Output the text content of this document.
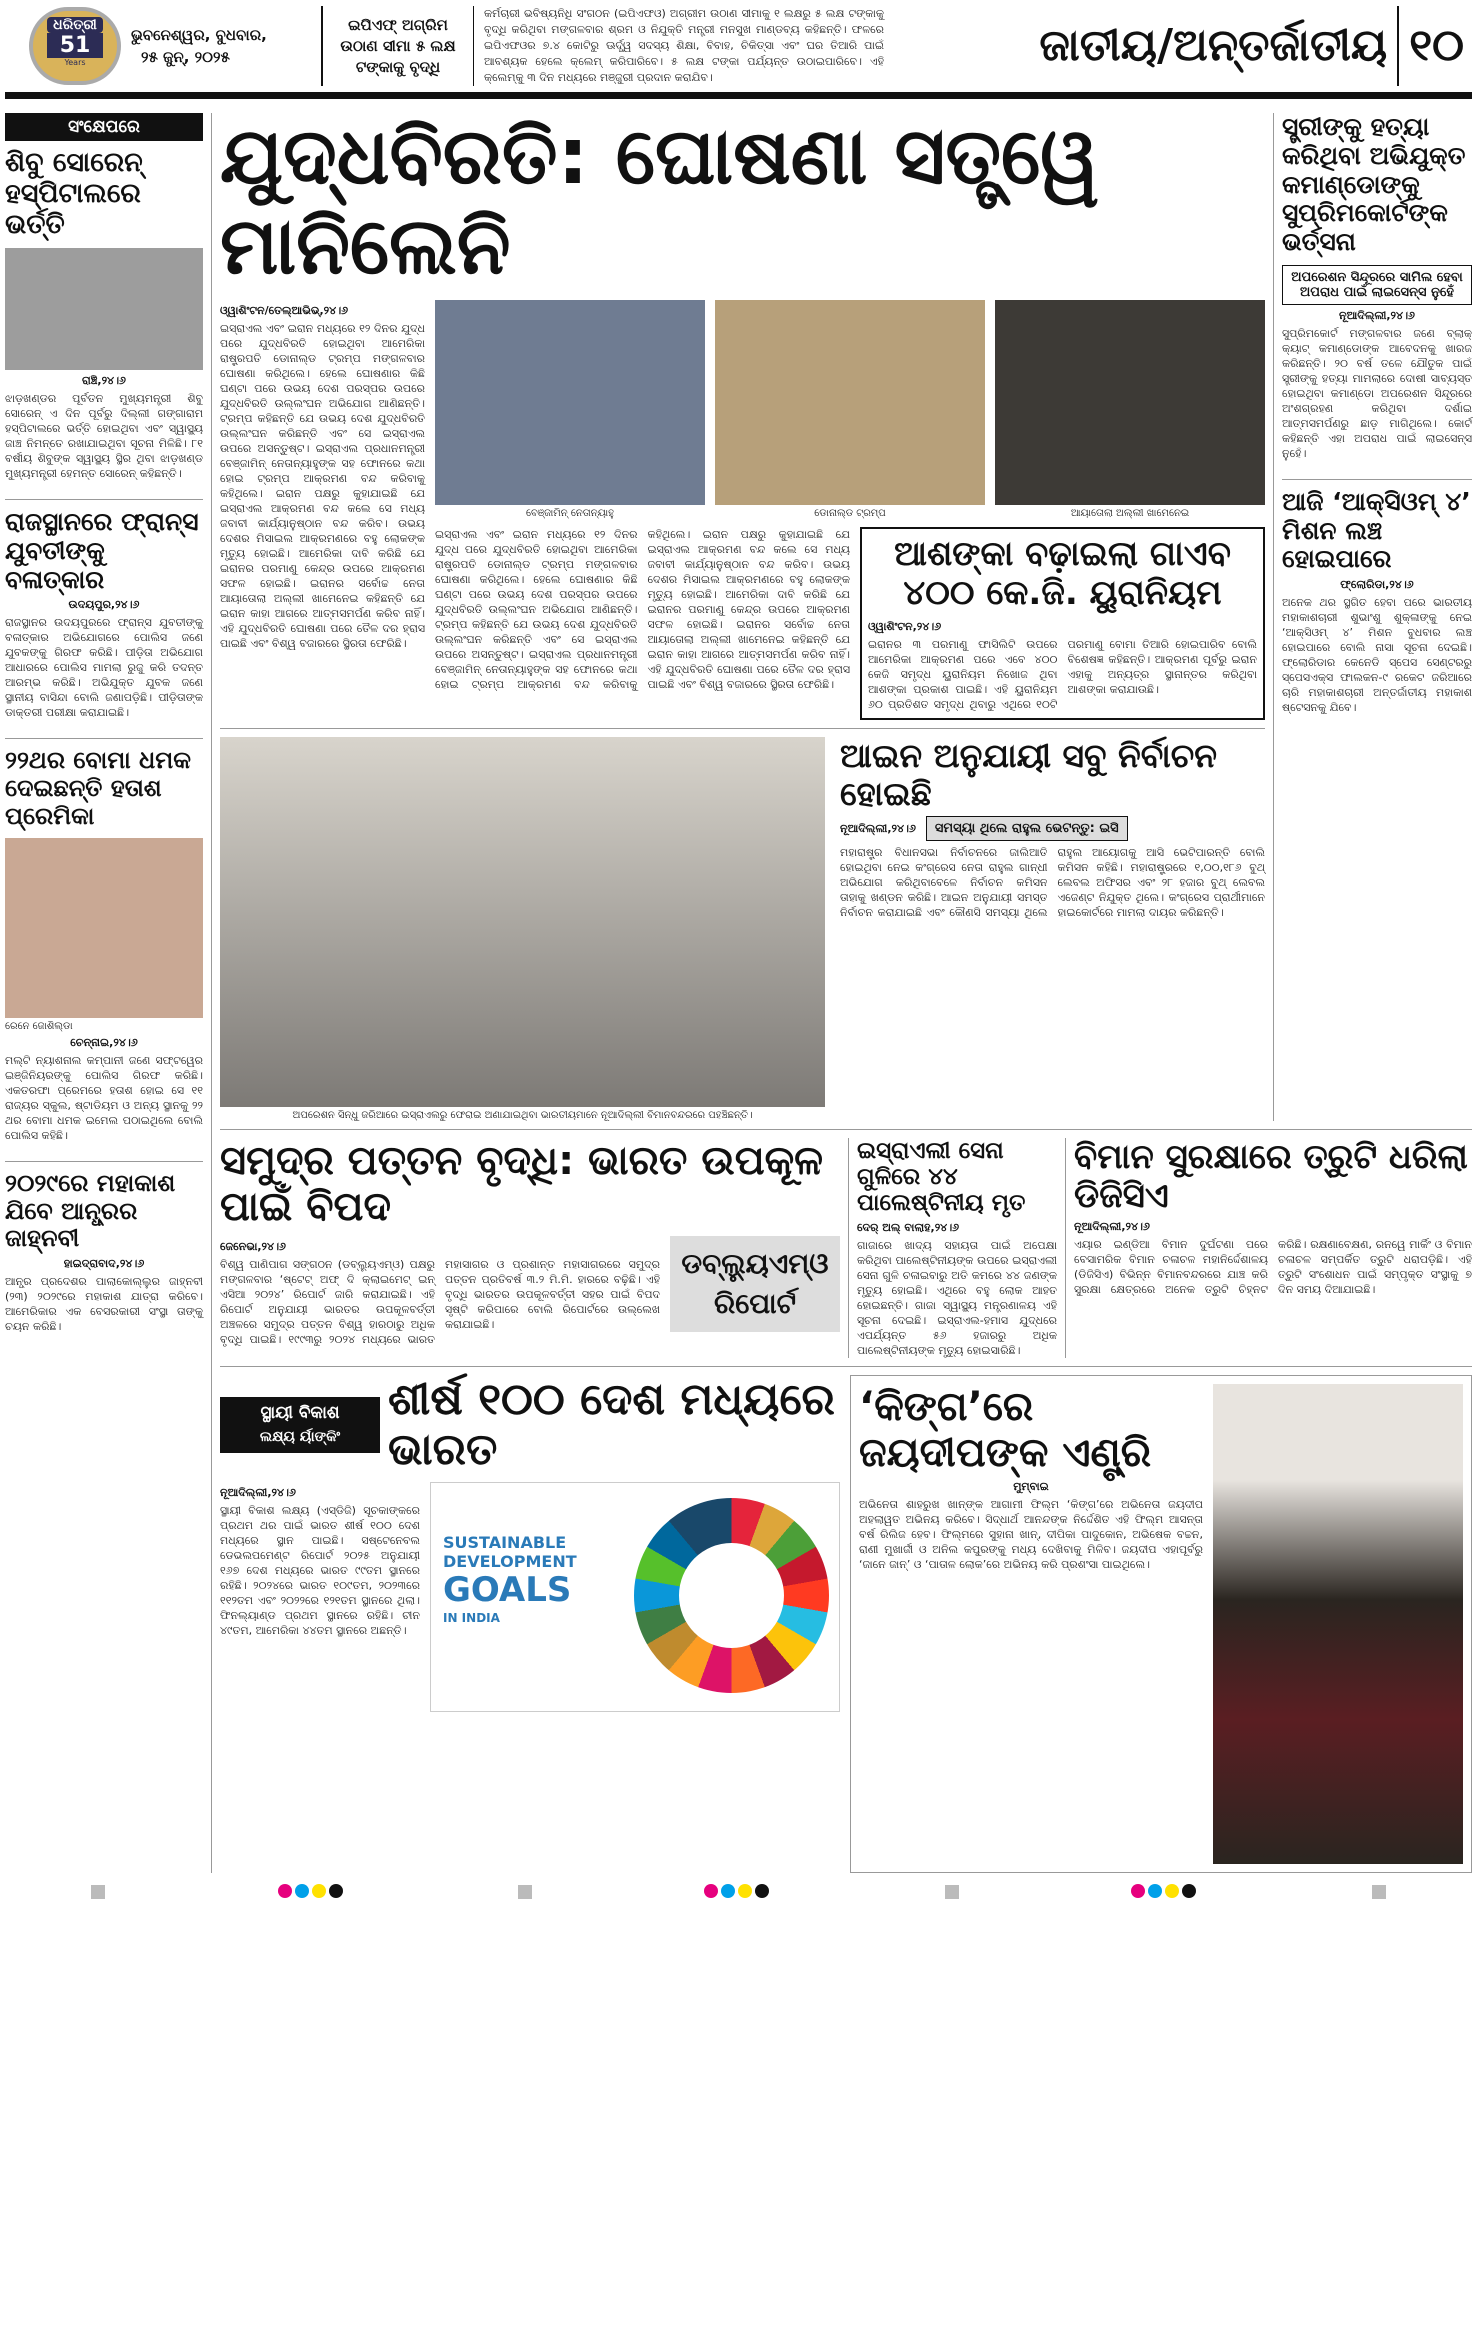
ଧରିତ୍ରୀ
51
Years
ଭୁବନେଶ୍ୱର, ବୁଧବାର,
୨୫ ଜୁନ୍, ୨୦୨୫
ଇପିଏଫ୍ ଅଗ୍ରିମ ଉଠାଣ ସୀମା ୫ ଲକ୍ଷ ଟଙ୍କାକୁ ବୃଦ୍ଧି
କର୍ମଚାରୀ ଭବିଷ୍ୟନିଧି ସଂଗଠନ (ଇପିଏଫଓ) ଅଗ୍ରୀମ ଉଠାଣ ସୀମାକୁ ୧ ଲକ୍ଷରୁ ୫ ଲକ୍ଷ ଟଙ୍କାକୁ ବୃଦ୍ଧି କରିଥିବା ମଙ୍ଗଳବାର ଶ୍ରମ ଓ ନିଯୁକ୍ତି ମନ୍ତ୍ରୀ ମନସୁଖ ମାଣ୍ଡବ୍ୟ କହିଛନ୍ତି। ଫଳରେ ଇପିଏଫଓର ୭.୪ କୋଟିରୁ ଊର୍ଦ୍ଧ୍ୱ ସଦସ୍ୟ ଶିକ୍ଷା, ବିବାହ, ଚିକିତ୍ସା ଏବଂ ଘର ତିଆରି ପାଇଁ ଆବଶ୍ୟକ ହେଲେ କ୍ଲେମ୍ କରିପାରିବେ। ୫ ଲକ୍ଷ ଟଙ୍କା ପର୍ଯ୍ୟନ୍ତ ଉଠାଇପାରିବେ। ଏହି କ୍ଲେମ୍‌କୁ ୩ ଦିନ ମଧ୍ୟରେ ମଞ୍ଜୁରୀ ପ୍ରଦାନ କରାଯିବ।
ଜାତୀୟ/ଅନ୍ତର୍ଜାତୀୟ ୧୦
ସଂକ୍ଷେପରେ
ଶିବୁ ସୋରେନ୍ ହସ୍ପିଟାଲରେ ଭର୍ତ୍ତି
ରାଞ୍ଚି,୨୪।୬
ଝାଡ଼ଖଣ୍ଡର ପୂର୍ବତନ ମୁଖ୍ୟମନ୍ତ୍ରୀ ଶିବୁ ସୋରେନ୍ ଏ ଦିନ ପୂର୍ବରୁ ଦିଲ୍ଲୀ ଗଙ୍ଗାରାମ ହସ୍ପିଟାଲରେ ଭର୍ତ୍ତି ହୋଇଥିବା ଏବଂ ସ୍ୱାସ୍ଥ୍ୟ ଜାଞ୍ଚ ନିମନ୍ତେ ରଖାଯାଇଥିବା ସୂଚନା ମିଳିଛି। ୮୧ ବର୍ଷୀୟ ଶିବୁଙ୍କ ସ୍ୱାସ୍ଥ୍ୟ ସ୍ଥିର ଥିବା ଝାଡ଼ଖଣ୍ଡ ମୁଖ୍ୟମନ୍ତ୍ରୀ ହେମନ୍ତ ସୋରେନ୍ କହିଛନ୍ତି।
ରାଜସ୍ଥାନରେ ଫ୍ରାନ୍ସ ଯୁବତୀଙ୍କୁ ବଳାତ୍କାର
ଉଦୟପୁର,୨୪।୬
ରାଜସ୍ଥାନର ଉଦୟପୁରରେ ଫ୍ରାନ୍ସ ଯୁବତୀଙ୍କୁ ବଳାତ୍କାର ଅଭିଯୋଗରେ ପୋଲିସ ଜଣେ ଯୁବକଙ୍କୁ ଗିରଫ କରିଛି। ପୀଡ଼ିତା ଅଭିଯୋଗ ଆଧାରରେ ପୋଲିସ ମାମଲା ରୁଜୁ କରି ତଦନ୍ତ ଆରମ୍ଭ କରିଛି। ଅଭିଯୁକ୍ତ ଯୁବକ ଜଣେ ସ୍ଥାନୀୟ ବାସିନ୍ଦା ବୋଲି ଜଣାପଡ଼ିଛି। ପୀଡ଼ିତାଙ୍କ ଡାକ୍ତରୀ ପରୀକ୍ଷା କରାଯାଇଛି।
୨୨ଥର ବୋମା ଧମକ ଦେଇଛନ୍ତି ହତାଶ ପ୍ରେମିକା
ରେନେ ଜୋଶିଲ୍ଡା
ଚେନ୍ନାଇ,୨୪।୬
ମଲ୍ଟି ନ୍ୟାଶନାଲ କମ୍ପାନୀ ଜଣେ ସଫ୍ଟୱେର ଇଞ୍ଜିନିୟରଙ୍କୁ ପୋଲିସ ଗିରଫ କରିଛି। ଏକତରଫା ପ୍ରେମରେ ହତାଶ ହୋଇ ସେ ୧୧ ରାଜ୍ୟର ସ୍କୁଲ, ଷ୍ଟାଡିୟମ ଓ ଅନ୍ୟ ସ୍ଥାନକୁ ୨୨ ଥର ବୋମା ଧମକ ଇମେଲ ପଠାଇଥିଲେ ବୋଲି ପୋଲିସ କହିଛି।
୨୦୨୯ରେ ମହାକାଶ ଯିବେ ଆନ୍ଧ୍ରର ଜାହ୍ନବୀ
ହାଇଦ୍ରାବାଦ,୨୪।୬
ଆନ୍ଧ୍ର ପ୍ରଦେଶର ପାଲାକୋଲ୍ଲୁର ଜାହ୍ନବୀ (୨୩) ୨୦୨୯ରେ ମହାକାଶ ଯାତ୍ରା କରିବେ। ଆମେରିକାର ଏକ ବେସରକାରୀ ସଂସ୍ଥା ତାଙ୍କୁ ଚୟନ କରିଛି।
ଯୁଦ୍ଧବିରତି: ଘୋଷଣା ସତ୍ତ୍ୱେ ମାନିଲେନି
ଓ୍ୱାଶିଂଟନ/ତେଲ୍‌ଆଭିଭ୍,୨୪।୬
ଇସ୍ରାଏଲ ଏବଂ ଇରାନ ମଧ୍ୟରେ ୧୨ ଦିନର ଯୁଦ୍ଧ ପରେ ଯୁଦ୍ଧବିରତି ହୋଇଥିବା ଆମେରିକା ରାଷ୍ଟ୍ରପତି ଡୋନାଲ୍ଡ ଟ୍ରମ୍ପ ମଙ୍ଗଳବାର ଘୋଷଣା କରିଥିଲେ। ହେଲେ ଘୋଷଣାର କିଛି ଘଣ୍ଟା ପରେ ଉଭୟ ଦେଶ ପରସ୍ପର ଉପରେ ଯୁଦ୍ଧବିରତି ଉଲ୍ଲଂଘନ ଅଭିଯୋଗ ଆଣିଛନ୍ତି। ଟ୍ରମ୍ପ କହିଛନ୍ତି ଯେ ଉଭୟ ଦେଶ ଯୁଦ୍ଧବିରତି ଉଲ୍ଲଂଘନ କରିଛନ୍ତି ଏବଂ ସେ ଇସ୍ରାଏଲ ଉପରେ ଅସନ୍ତୁଷ୍ଟ। ଇସ୍ରାଏଲ ପ୍ରଧାନମନ୍ତ୍ରୀ ବେଞ୍ଜାମିନ୍ ନେତାନ୍ୟାହୁଙ୍କ ସହ ଫୋନରେ କଥା ହୋଇ ଟ୍ରମ୍ପ ଆକ୍ରମଣ ବନ୍ଦ କରିବାକୁ କହିଥିଲେ। ଇରାନ ପକ୍ଷରୁ କୁହାଯାଇଛି ଯେ ଇସ୍ରାଏଲ ଆକ୍ରମଣ ବନ୍ଦ କଲେ ସେ ମଧ୍ୟ ଜବାବୀ କାର୍ଯ୍ୟାନୁଷ୍ଠାନ ବନ୍ଦ କରିବ। ଉଭୟ ଦେଶର ମିସାଇଲ ଆକ୍ରମଣରେ ବହୁ ଲୋକଙ୍କ ମୃତ୍ୟୁ ହୋଇଛି। ଆମେରିକା ଦାବି କରିଛି ଯେ ଇରାନର ପରମାଣୁ କେନ୍ଦ୍ର ଉପରେ ଆକ୍ରମଣ ସଫଳ ହୋଇଛି। ଇରାନର ସର୍ବୋଚ୍ଚ ନେତା ଆୟାତୋଲା ଅଲ୍ଲୀ ଖାମେନେଇ କହିଛନ୍ତି ଯେ ଇରାନ କାହା ଆଗରେ ଆତ୍ମସମର୍ପଣ କରିବ ନାହିଁ। ଏହି ଯୁଦ୍ଧବିରତି ଘୋଷଣା ପରେ ତୈଳ ଦର ହ୍ରାସ ପାଇଛି ଏବଂ ବିଶ୍ୱ ବଜାରରେ ସ୍ଥିରତା ଫେରିଛି।
ବେଞ୍ଜାମିନ୍ ନେତାନ୍ୟାହୁ	ଡୋନାଲ୍ଡ ଟ୍ରମ୍ପ	ଆୟାତୋଲା ଅଲ୍ଲୀ ଖାମେନେଇ
ଇସ୍ରାଏଲ ଏବଂ ଇରାନ ମଧ୍ୟରେ ୧୨ ଦିନର ଯୁଦ୍ଧ ପରେ ଯୁଦ୍ଧବିରତି ହୋଇଥିବା ଆମେରିକା ରାଷ୍ଟ୍ରପତି ଡୋନାଲ୍ଡ ଟ୍ରମ୍ପ ମଙ୍ଗଳବାର ଘୋଷଣା କରିଥିଲେ। ହେଲେ ଘୋଷଣାର କିଛି ଘଣ୍ଟା ପରେ ଉଭୟ ଦେଶ ପରସ୍ପର ଉପରେ ଯୁଦ୍ଧବିରତି ଉଲ୍ଲଂଘନ ଅଭିଯୋଗ ଆଣିଛନ୍ତି। ଟ୍ରମ୍ପ କହିଛନ୍ତି ଯେ ଉଭୟ ଦେଶ ଯୁଦ୍ଧବିରତି ଉଲ୍ଲଂଘନ କରିଛନ୍ତି ଏବଂ ସେ ଇସ୍ରାଏଲ ଉପରେ ଅସନ୍ତୁଷ୍ଟ। ଇସ୍ରାଏଲ ପ୍ରଧାନମନ୍ତ୍ରୀ ବେଞ୍ଜାମିନ୍ ନେତାନ୍ୟାହୁଙ୍କ ସହ ଫୋନରେ କଥା ହୋଇ ଟ୍ରମ୍ପ ଆକ୍ରମଣ ବନ୍ଦ କରିବାକୁ କହିଥିଲେ। ଇରାନ ପକ୍ଷରୁ କୁହାଯାଇଛି ଯେ ଇସ୍ରାଏଲ ଆକ୍ରମଣ ବନ୍ଦ କଲେ ସେ ମଧ୍ୟ ଜବାବୀ କାର୍ଯ୍ୟାନୁଷ୍ଠାନ ବନ୍ଦ କରିବ। ଉଭୟ ଦେଶର ମିସାଇଲ ଆକ୍ରମଣରେ ବହୁ ଲୋକଙ୍କ ମୃତ୍ୟୁ ହୋଇଛି। ଆମେରିକା ଦାବି କରିଛି ଯେ ଇରାନର ପରମାଣୁ କେନ୍ଦ୍ର ଉପରେ ଆକ୍ରମଣ ସଫଳ ହୋଇଛି। ଇରାନର ସର୍ବୋଚ୍ଚ ନେତା ଆୟାତୋଲା ଅଲ୍ଲୀ ଖାମେନେଇ କହିଛନ୍ତି ଯେ ଇରାନ କାହା ଆଗରେ ଆତ୍ମସମର୍ପଣ କରିବ ନାହିଁ। ଏହି ଯୁଦ୍ଧବିରତି ଘୋଷଣା ପରେ ତୈଳ ଦର ହ୍ରାସ ପାଇଛି ଏବଂ ବିଶ୍ୱ ବଜାରରେ ସ୍ଥିରତା ଫେରିଛି।
ଆଶଙ୍କା ବଢ଼ାଇଲା ଗାଏବ ୪୦୦ କେ.ଜି. ୟୁରାନିୟମ
ଓ୍ୱାଶିଂଟନ,୨୪।୬
ଇରାନର ୩ ପରମାଣୁ ଫାସିଲିଟି ଉପରେ ଆମେରିକା ଆକ୍ରମଣ ପରେ ଏବେ ୪୦୦ କେଜି ସମୃଦ୍ଧ ୟୁରାନିୟମ ନିଖୋଜ ଥିବା ଆଶଙ୍କା ପ୍ରକାଶ ପାଇଛି। ଏହି ୟୁରାନିୟମ ୬୦ ପ୍ରତିଶତ ସମୃଦ୍ଧ ଥିବାରୁ ଏଥିରେ ୧୦ଟି ପରମାଣୁ ବୋମା ତିଆରି ହୋଇପାରିବ ବୋଲି ବିଶେଷଜ୍ଞ କହିଛନ୍ତି। ଆକ୍ରମଣ ପୂର୍ବରୁ ଇରାନ ଏହାକୁ ଅନ୍ୟତ୍ର ସ୍ଥାନାନ୍ତର କରିଥିବା ଆଶଙ୍କା କରାଯାଉଛି।
ଅପରେଶନ ସିନ୍ଧୁ ଜରିଆରେ ଇସ୍ରାଏଲରୁ ଫେରାଇ ଅଣାଯାଇଥିବା ଭାରତୀୟମାନେ ନୂଆଦିଲ୍ଲୀ ବିମାନବନ୍ଦରରେ ପହଞ୍ଚିଛନ୍ତି।
ଆଇନ ଅନୁଯାୟୀ ସବୁ ନିର୍ବାଚନ ହୋଇଛି
ନୂଆଦିଲ୍ଲୀ,୨୪।୬	ସମସ୍ୟା ଥିଲେ ରାହୁଲ ଭେଟନ୍ତୁ: ଇସି
ମହାରାଷ୍ଟ୍ର ବିଧାନସଭା ନିର୍ବାଚନରେ ଜାଲିଆତି ହୋଇଥିବା ନେଇ କଂଗ୍ରେସ ନେତା ରାହୁଲ ଗାନ୍ଧୀ ଅଭିଯୋଗ କରିଥିବାବେଳେ ନିର୍ବାଚନ କମିସନ ତାହାକୁ ଖଣ୍ଡନ କରିଛି। ଆଇନ ଅନୁଯାୟୀ ସମସ୍ତ ନିର୍ବାଚନ କରାଯାଇଛି ଏବଂ କୌଣସି ସମସ୍ୟା ଥିଲେ ରାହୁଲ ଆୟୋଗକୁ ଆସି ଭେଟିପାରନ୍ତି ବୋଲି କମିସନ କହିଛି। ମହାରାଷ୍ଟ୍ରରେ ୧,୦୦,୧୮୬ ବୁଥ୍ ଲେବଲ ଅଫିସର ଏବଂ ୨୮ ହଜାର ବୁଥ୍ ଲେବଲ ଏଜେଣ୍ଟ ନିଯୁକ୍ତ ଥିଲେ। କଂଗ୍ରେସ ପ୍ରାର୍ଥୀମାନେ ହାଇକୋର୍ଟରେ ମାମଲା ଦାୟର କରିଛନ୍ତି।
ସ୍ତ୍ରୀଙ୍କୁ ହତ୍ୟା କରିଥିବା ଅଭିଯୁକ୍ତ କମାଣ୍ଡୋଙ୍କୁ ସୁପ୍ରିମକୋର୍ଟଙ୍କ ଭର୍ତ୍ସନା
ଅପରେଶନ ସିନ୍ଦୂରରେ ସାମିଲ ହେବା ଅପରାଧ ପାଇଁ ଲାଇସେନ୍ସ ନୁହେଁ
ନୂଆଦିଲ୍ଲୀ,୨୪।୬
ସୁପ୍ରିମକୋର୍ଟ ମଙ୍ଗଳବାର ଜଣେ ବ୍ଲାକ୍ କ୍ୟାଟ୍ କମାଣ୍ଡୋଙ୍କ ଆବେଦନକୁ ଖାରଜ କରିଛନ୍ତି। ୨୦ ବର୍ଷ ତଳେ ଯୌତୁକ ପାଇଁ ସ୍ତ୍ରୀଙ୍କୁ ହତ୍ୟା ମାମଲାରେ ଦୋଷୀ ସାବ୍ୟସ୍ତ ହୋଇଥିବା କମାଣ୍ଡୋ ଅପରେଶନ ସିନ୍ଦୂରରେ ଅଂଶଗ୍ରହଣ କରିଥିବା ଦର୍ଶାଇ ଆତ୍ମସମର୍ପଣରୁ ଛାଡ଼ ମାଗିଥିଲେ। କୋର୍ଟ କହିଛନ୍ତି ଏହା ଅପରାଧ ପାଇଁ ଲାଇସେନ୍ସ ନୁହେଁ।
ଆଜି ‘ଆକ୍ସିଓମ୍ ୪’ ମିଶନ ଲଞ୍ଚ ହୋଇପାରେ
ଫ୍ଲୋରିଡା,୨୪।୬
ଅନେକ ଥର ସ୍ଥଗିତ ହେବା ପରେ ଭାରତୀୟ ମହାକାଶଚାରୀ ଶୁଭାଂଶୁ ଶୁକ୍ଳାଙ୍କୁ ନେଇ ‘ଆକ୍ସିଓମ୍ ୪’ ମିଶନ ବୁଧବାର ଲଞ୍ଚ ହୋଇପାରେ ବୋଲି ନାସା ସୂଚନା ଦେଇଛି। ଫ୍ଲୋରିଡାର କେନେଡି ସ୍ପେସ ସେଣ୍ଟରରୁ ସ୍ପେସଏକ୍ସ ଫାଲକନ-୯ ରକେଟ ଜରିଆରେ ଚାରି ମହାକାଶଚାରୀ ଅନ୍ତର୍ଜାତୀୟ ମହାକାଶ ଷ୍ଟେସନକୁ ଯିବେ।
ସମୁଦ୍ର ପତ୍ତନ ବୃଦ୍ଧି: ଭାରତ ଉପକୂଳ ପାଇଁ ବିପଦ
ଜେନେଭା,୨୪।୬
ବିଶ୍ୱ ପାଣିପାଗ ସଙ୍ଗଠନ (ଡବ୍ଲ୍ୟୁଏମ୍ଓ) ପକ୍ଷରୁ ମଙ୍ଗଳବାର ‘ଷ୍ଟେଟ୍ ଅଫ୍ ଦି କ୍ଲାଇମେଟ୍ ଇନ୍ ଏସିଆ ୨୦୨୪’ ରିପୋର୍ଟ ଜାରି କରାଯାଇଛି। ଏହି ରିପୋର୍ଟ ଅନୁଯାୟୀ ଭାରତର ଉପକୂଳବର୍ତ୍ତୀ ଅଞ୍ଚଳରେ ସମୁଦ୍ର ପତ୍ତନ ବିଶ୍ୱ ହାରଠାରୁ ଅଧିକ ବୃଦ୍ଧି ପାଇଛି। ୧୯୯୩ରୁ ୨୦୨୪ ମଧ୍ୟରେ ଭାରତ ମହାସାଗର ଓ ପ୍ରଶାନ୍ତ ମହାସାଗରରେ ସମୁଦ୍ର ପତ୍ତନ ପ୍ରତିବର୍ଷ ୩.୨ ମି.ମି. ହାରରେ ବଢ଼ିଛି। ଏହି ବୃଦ୍ଧି ଭାରତର ଉପକୂଳବର୍ତ୍ତୀ ସହର ପାଇଁ ବିପଦ ସୃଷ୍ଟି କରିପାରେ ବୋଲି ରିପୋର୍ଟରେ ଉଲ୍ଲେଖ କରାଯାଇଛି।
ଡବ୍ଲ୍ୟୁଏମ୍ଓ ରିପୋର୍ଟ
ଇସ୍ରାଏଲୀ ସେନା ଗୁଳିରେ ୪୪ ପାଲେଷ୍ଟିନୀୟ ମୃତ
ଦେର୍ ଅଲ୍ ବାଲାହ,୨୪।୬
ଗାଜାରେ ଖାଦ୍ୟ ସହାୟତା ପାଇଁ ଅପେକ୍ଷା କରିଥିବା ପାଲେଷ୍ଟିନୀୟଙ୍କ ଉପରେ ଇସ୍ରାଏଲୀ ସେନା ଗୁଳି ଚଳାଇବାରୁ ଅତି କମରେ ୪୪ ଜଣଙ୍କ ମୃତ୍ୟୁ ହୋଇଛି। ଏଥିରେ ବହୁ ଲୋକ ଆହତ ହୋଇଛନ୍ତି। ଗାଜା ସ୍ୱାସ୍ଥ୍ୟ ମନ୍ତ୍ରଣାଳୟ ଏହି ସୂଚନା ଦେଇଛି। ଇସ୍ରାଏଲ-ହମାସ ଯୁଦ୍ଧରେ ଏପର୍ଯ୍ୟନ୍ତ ୫୬ ହଜାରରୁ ଅଧିକ ପାଲେଷ୍ଟିନୀୟଙ୍କ ମୃତ୍ୟୁ ହୋଇସାରିଛି।
ବିମାନ ସୁରକ୍ଷାରେ ତ୍ରୁଟି ଧରିଲା ଡିଜିସିଏ
ନୂଆଦିଲ୍ଲୀ,୨୪।୬
ଏୟାର ଇଣ୍ଡିଆ ବିମାନ ଦୁର୍ଘଟଣା ପରେ ବେସାମରିକ ବିମାନ ଚଳାଚଳ ମହାନିର୍ଦ୍ଦେଶାଳୟ (ଡିଜିସିଏ) ବିଭିନ୍ନ ବିମାନବନ୍ଦରରେ ଯାଞ୍ଚ କରି ସୁରକ୍ଷା କ୍ଷେତ୍ରରେ ଅନେକ ତ୍ରୁଟି ଚିହ୍ନଟ କରିଛି। ରକ୍ଷଣାବେକ୍ଷଣ, ରନୱେ ମାର୍କିଂ ଓ ବିମାନ ଚଳାଚଳ ସମ୍ପର୍କିତ ତ୍ରୁଟି ଧରାପଡ଼ିଛି। ଏହି ତ୍ରୁଟି ସଂଶୋଧନ ପାଇଁ ସମ୍ପୃକ୍ତ ସଂସ୍ଥାକୁ ୭ ଦିନ ସମୟ ଦିଆଯାଇଛି।
ସ୍ଥାୟୀ ବିକାଶ
ଲକ୍ଷ୍ୟ ର୍ୟାଙ୍କିଂ
ଶୀର୍ଷ ୧୦୦ ଦେଶ ମଧ୍ୟରେ ଭାରତ
ନୂଆଦିଲ୍ଲୀ,୨୪।୬
ସ୍ଥାୟୀ ବିକାଶ ଲକ୍ଷ୍ୟ (ଏସ୍‌ଡିଜି) ସୂଚକାଙ୍କରେ ପ୍ରଥମ ଥର ପାଇଁ ଭାରତ ଶୀର୍ଷ ୧୦୦ ଦେଶ ମଧ୍ୟରେ ସ୍ଥାନ ପାଇଛି। ସଷ୍ଟେନେବଲ ଡେଭଲପମେଣ୍ଟ ରିପୋର୍ଟ ୨୦୨୫ ଅନୁଯାୟୀ ୧୬୭ ଦେଶ ମଧ୍ୟରେ ଭାରତ ୯୯ତମ ସ୍ଥାନରେ ରହିଛି। ୨୦୨୪ରେ ଭାରତ ୧୦୯ତମ, ୨୦୨୩ରେ ୧୧୨ତମ ଏବଂ ୨୦୨୨ରେ ୧୨୧ତମ ସ୍ଥାନରେ ଥିଲା। ଫିନଲ୍ୟାଣ୍ଡ ପ୍ରଥମ ସ୍ଥାନରେ ରହିଛି। ଚୀନ ୪୯ତମ, ଆମେରିକା ୪୪ତମ ସ୍ଥାନରେ ଅଛନ୍ତି।
SUSTAINABLE
DEVELOPMENT
GOALS
IN INDIA
‘କିଙ୍ଗ’ରେ ଜୟଦୀପଙ୍କ ଏଣ୍ଟ୍ରି
ମୁମ୍ବାଇ
ଅଭିନେତା ଶାହରୁଖ ଖାନ୍‌ଙ୍କ ଆଗାମୀ ଫିଲ୍ମ ‘କିଙ୍ଗ’ରେ ଅଭିନେତା ଜୟଦୀପ ଅହଲାୱତ ଅଭିନୟ କରିବେ। ସିଦ୍ଧାର୍ଥ ଆନନ୍ଦଙ୍କ ନିର୍ଦ୍ଦେଶିତ ଏହି ଫିଲ୍ମ ଆସନ୍ତା ବର୍ଷ ରିଲିଜ ହେବ। ଫିଲ୍ମରେ ସୁହାନା ଖାନ୍, ଦୀପିକା ପାଦୁକୋନ, ଅଭିଷେକ ବଚ୍ଚନ, ରାଣୀ ମୁଖାର୍ଜୀ ଓ ଅନିଲ କପୁରଙ୍କୁ ମଧ୍ୟ ଦେଖିବାକୁ ମିଳିବ। ଜୟଦୀପ ଏହାପୂର୍ବରୁ ‘ଜାନେ ଜାନ୍’ ଓ ‘ପାତାଳ ଲୋକ’ରେ ଅଭିନୟ କରି ପ୍ରଶଂସା ପାଇଥିଲେ।
